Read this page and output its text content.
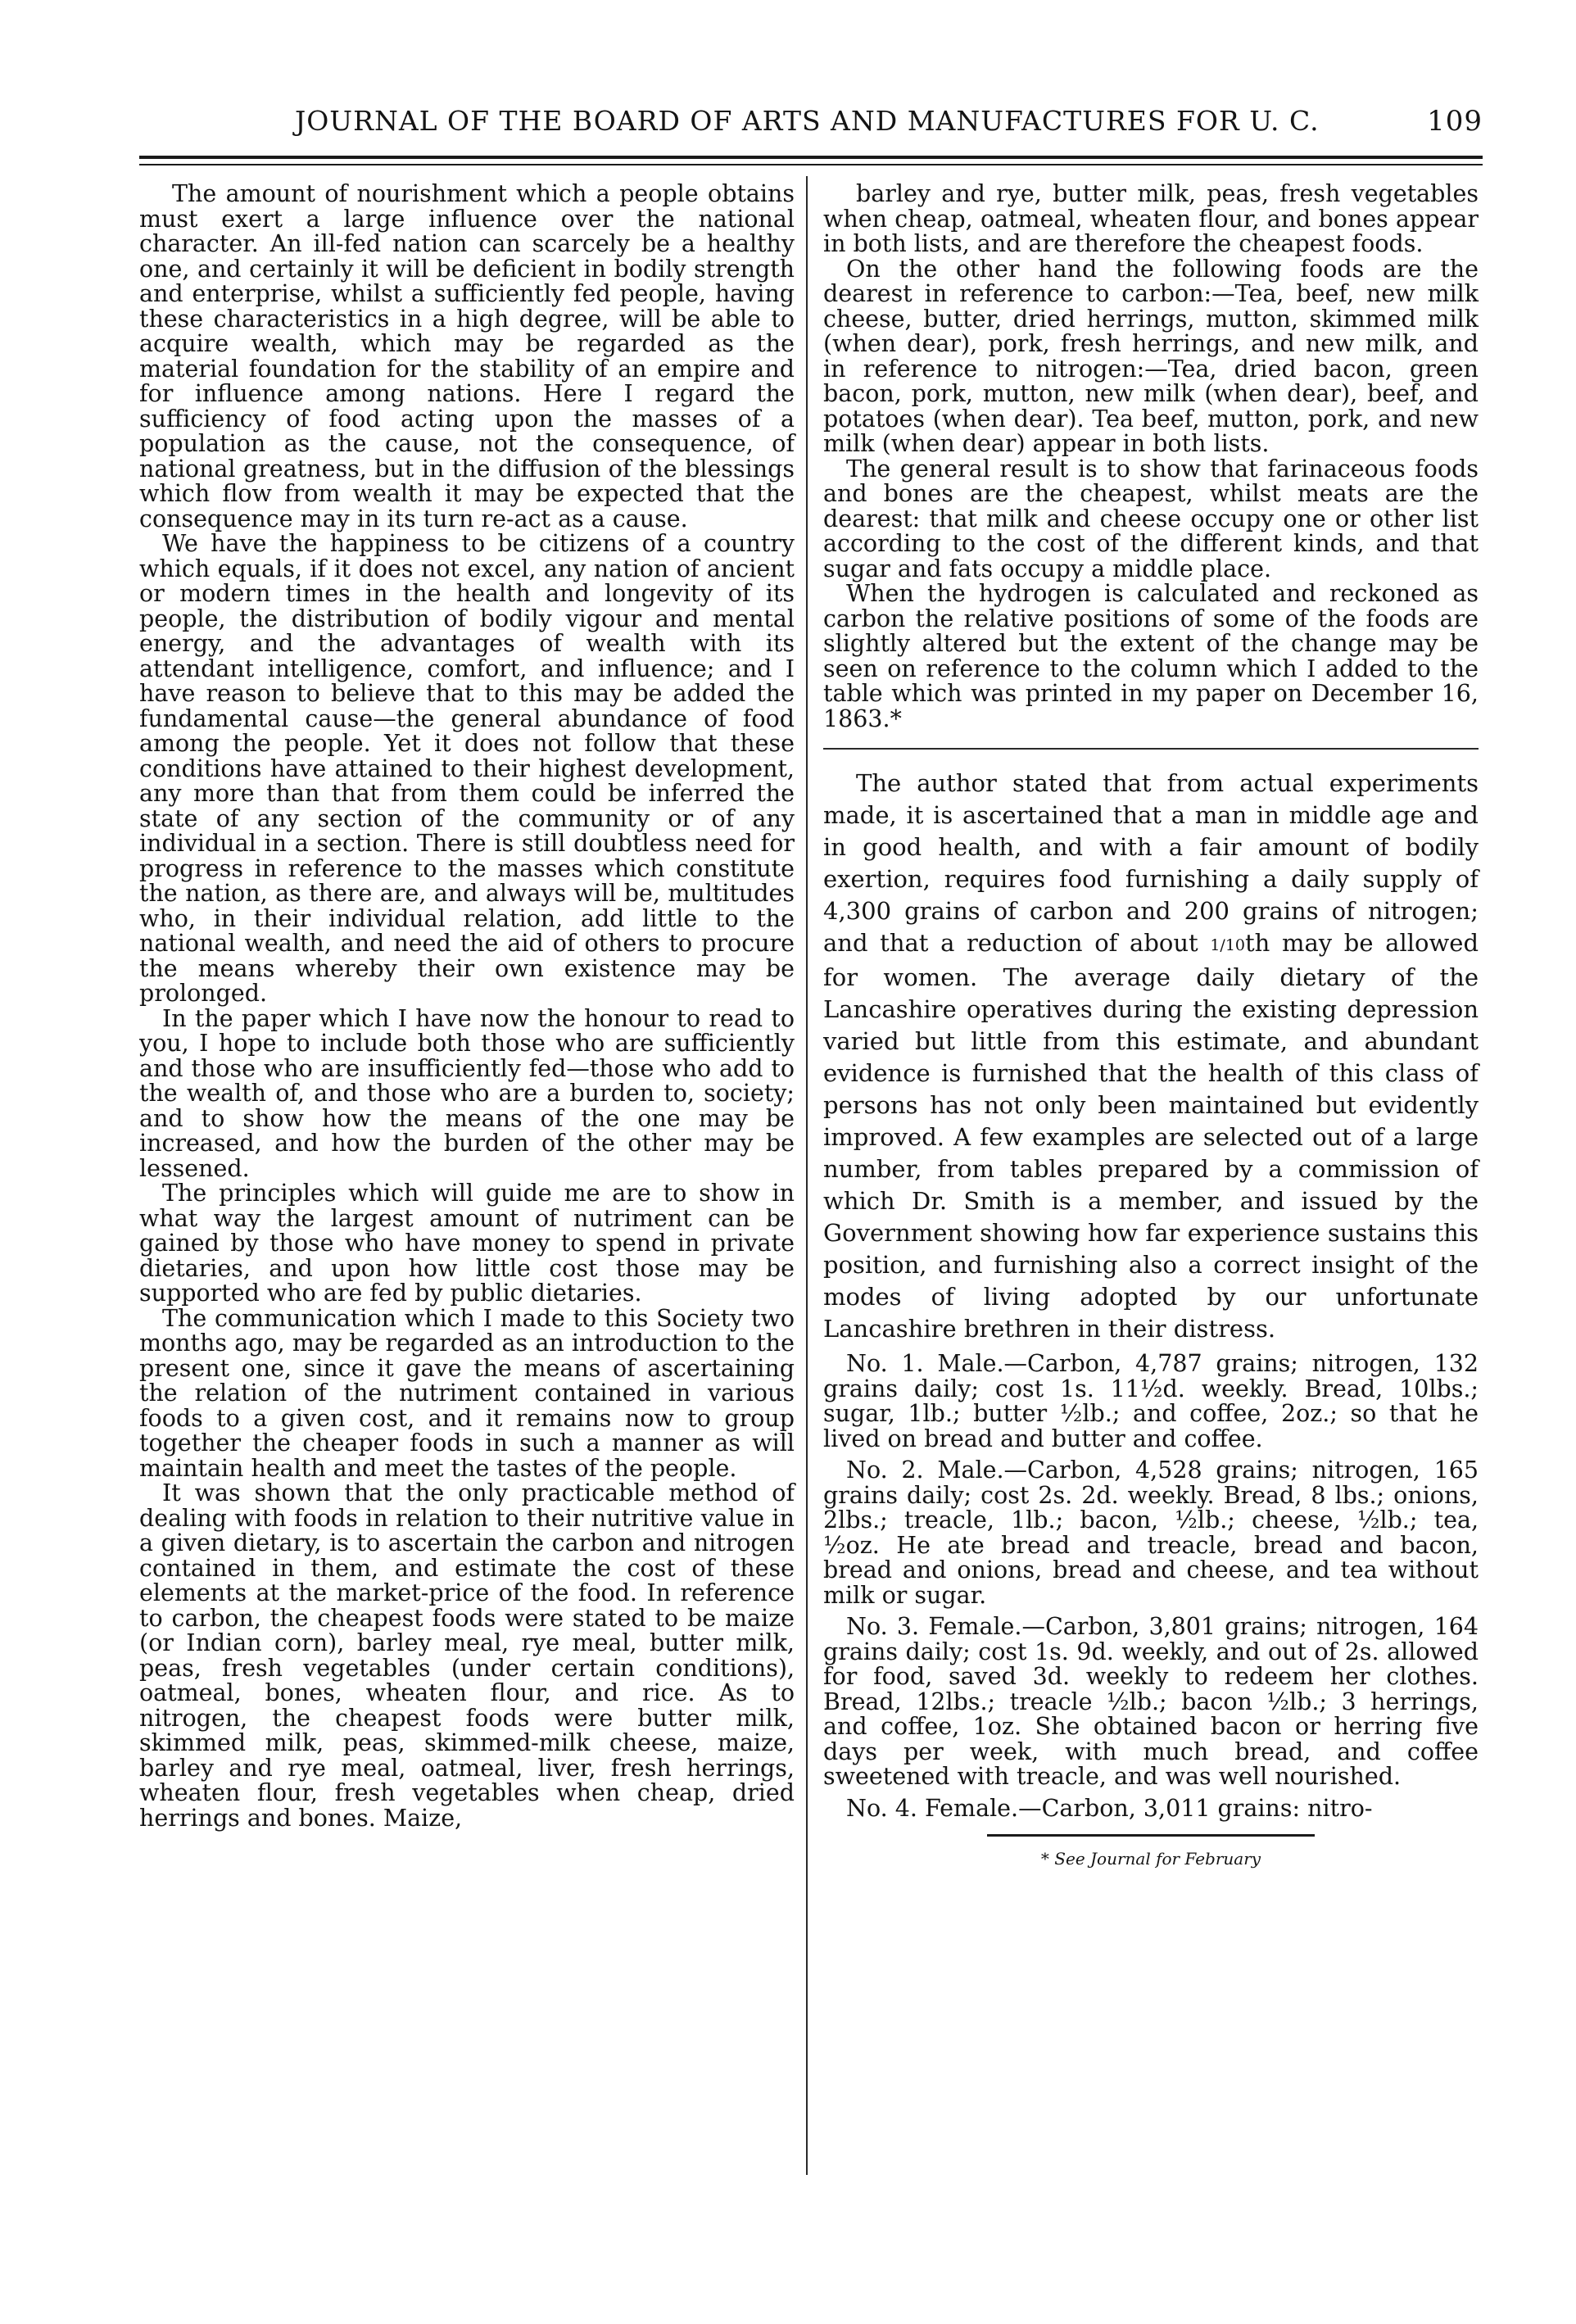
JOURNAL OF THE BOARD OF ARTS AND MANUFACTURES FOR U. C.	109

The amount of nourishment which a people obtains must exert a large influence over the national character. An ill-fed nation can scarcely be a healthy one, and certainly it will be deficient in bodily strength and enterprise, whilst a sufficiently fed people, having these characteristics in a high degree, will be able to acquire wealth, which may be regarded as the material foundation for the stability of an empire and for influence among nations. Here I regard the sufficiency of food acting upon the masses of a population as the cause, not the consequence, of national greatness, but in the diffusion of the blessings which flow from wealth it may be expected that the consequence may in its turn re-act as a cause.

We have the happiness to be citizens of a country which equals, if it does not excel, any nation of ancient or modern times in the health and longevity of its people, the distribution of bodily vigour and mental energy, and the advantages of wealth with its attendant intelligence, comfort, and influence; and I have reason to believe that to this may be added the fundamental cause—the general abundance of food among the people. Yet it does not follow that these conditions have attained to their highest development, any more than that from them could be inferred the state of any section of the community or of any individual in a section. There is still doubtless need for progress in reference to the masses which constitute the nation, as there are, and always will be, multitudes who, in their individual relation, add little to the national wealth, and need the aid of others to procure the means whereby their own existence may be prolonged.

In the paper which I have now the honour to read to you, I hope to include both those who are sufficiently and those who are insufficiently fed—those who add to the wealth of, and those who are a burden to, society; and to show how the means of the one may be increased, and how the burden of the other may be lessened.

The principles which will guide me are to show in what way the largest amount of nutriment can be gained by those who have money to spend in private dietaries, and upon how little cost those may be supported who are fed by public dietaries.

The communication which I made to this Society two months ago, may be regarded as an introduction to the present one, since it gave the means of ascertaining the relation of the nutriment contained in various foods to a given cost, and it remains now to group together the cheaper foods in such a manner as will maintain health and meet the tastes of the people.

It was shown that the only practicable method of dealing with foods in relation to their nutritive value in a given dietary, is to ascertain the carbon and nitrogen contained in them, and estimate the cost of these elements at the market-price of the food. In reference to carbon, the cheapest foods were stated to be maize (or Indian corn), barley meal, rye meal, butter milk, peas, fresh vegetables (under certain conditions), oatmeal, bones, wheaten flour, and rice. As to nitrogen, the cheapest foods were butter milk, skimmed milk, peas, skimmed-milk cheese, maize, barley and rye meal, oatmeal, liver, fresh herrings, wheaten flour, fresh vegetables when cheap, dried herrings and bones. Maize,

barley and rye, butter milk, peas, fresh vegetables when cheap, oatmeal, wheaten flour, and bones appear in both lists, and are therefore the cheapest foods.

On the other hand the following foods are the dearest in reference to carbon:—Tea, beef, new milk cheese, butter, dried herrings, mutton, skimmed milk (when dear), pork, fresh herrings, and new milk, and in reference to nitrogen:—Tea, dried bacon, green bacon, pork, mutton, new milk (when dear), beef, and potatoes (when dear). Tea beef, mutton, pork, and new milk (when dear) appear in both lists.

The general result is to show that farinaceous foods and bones are the cheapest, whilst meats are the dearest: that milk and cheese occupy one or other list according to the cost of the different kinds, and that sugar and fats occupy a middle place.

When the hydrogen is calculated and reckoned as carbon the relative positions of some of the foods are slightly altered but the extent of the change may be seen on reference to the column which I added to the table which was printed in my paper on December 16, 1863.*

The author stated that from actual experiments made, it is ascertained that a man in middle age and in good health, and with a fair amount of bodily exertion, requires food furnishing a daily supply of 4,300 grains of carbon and 200 grains of nitrogen; and that a reduction of about 1/10th may be allowed for women. The average daily dietary of the Lancashire operatives during the existing depression varied but little from this estimate, and abundant evidence is furnished that the health of this class of persons has not only been maintained but evidently improved. A few examples are selected out of a large number, from tables prepared by a commission of which Dr. Smith is a member, and issued by the Government showing how far experience sustains this position, and furnishing also a correct insight of the modes of living adopted by our unfortunate Lancashire brethren in their distress.

No. 1. Male.—Carbon, 4,787 grains; nitrogen, 132 grains daily; cost 1s. 11½d. weekly. Bread, 10lbs.; sugar, 1lb.; butter ½lb.; and coffee, 2oz.; so that he lived on bread and butter and coffee.

No. 2. Male.—Carbon, 4,528 grains; nitrogen, 165 grains daily; cost 2s. 2d. weekly. Bread, 8 lbs.; onions, 2lbs.; treacle, 1lb.; bacon, ½lb.; cheese, ½lb.; tea, ½oz. He ate bread and treacle, bread and bacon, bread and onions, bread and cheese, and tea without milk or sugar.

No. 3. Female.—Carbon, 3,801 grains; nitrogen, 164 grains daily; cost 1s. 9d. weekly, and out of 2s. allowed for food, saved 3d. weekly to redeem her clothes. Bread, 12lbs.; treacle ½lb.; bacon ½lb.; 3 herrings, and coffee, 1oz. She obtained bacon or herring five days per week, with much bread, and coffee sweetened with treacle, and was well nourished.

No. 4. Female.—Carbon, 3,011 grains: nitro-

* See Journal for February
